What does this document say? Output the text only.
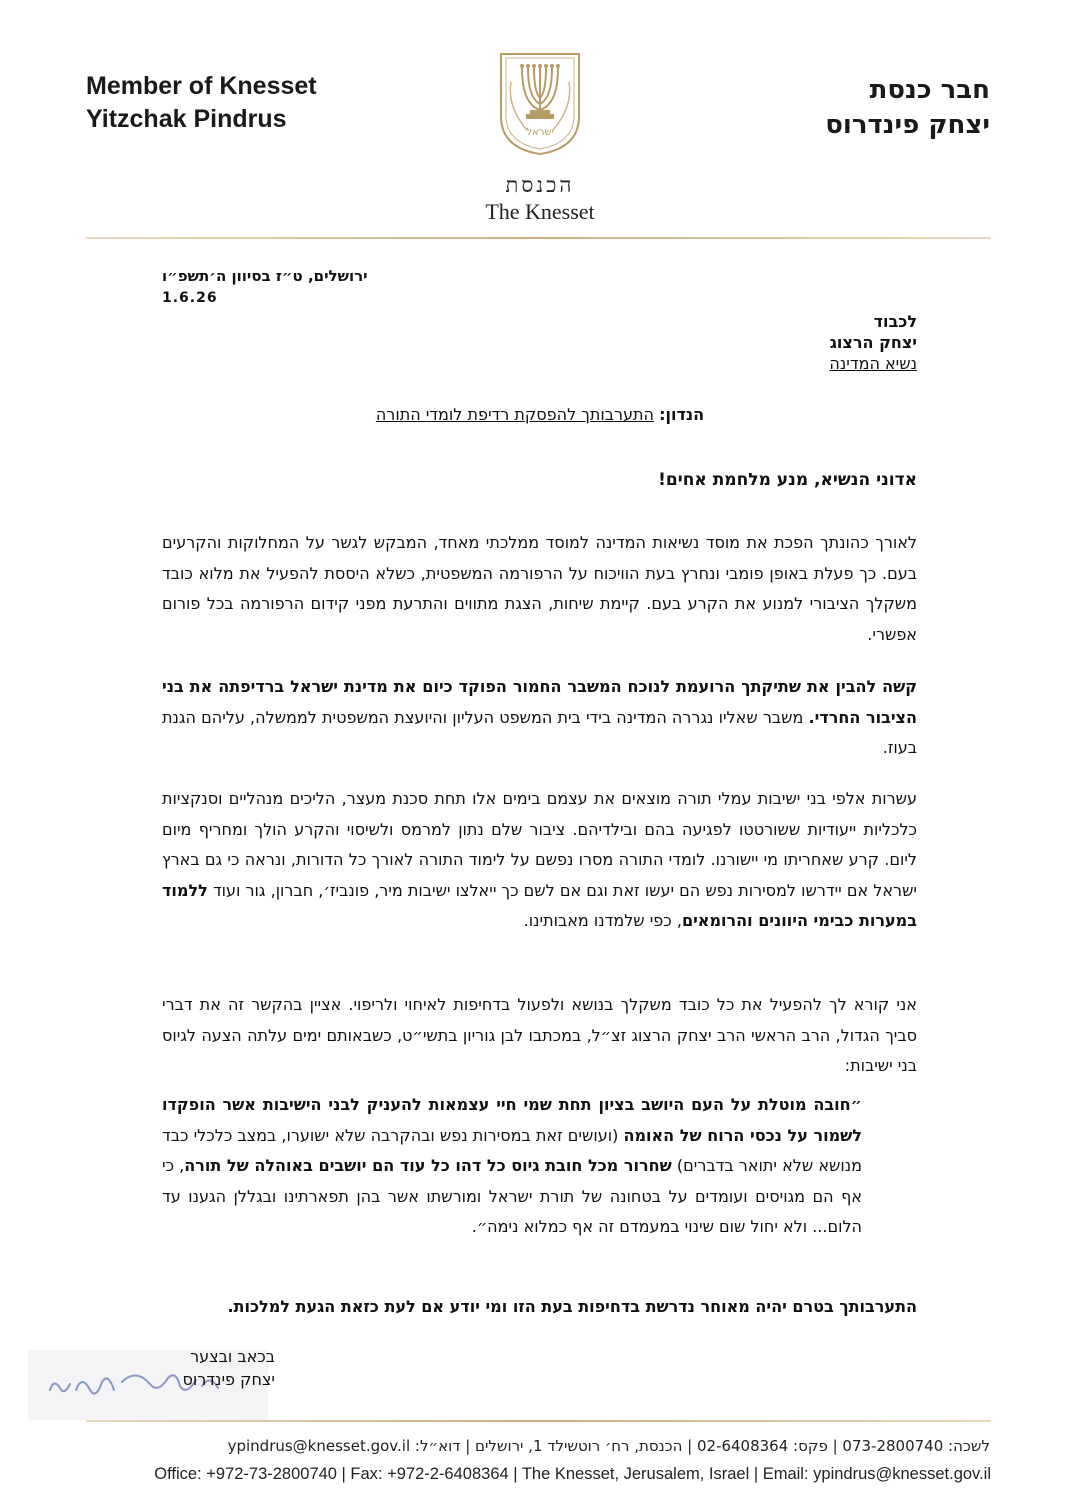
Member of Knesset
Yitzchak Pindrus	ישראל
חבר כנסת
יצחק פינדרוס
הכנסת
The Knesset
ירושלים, ט״ז בסיוון ה׳תשפ״ו
1.6.26
לכבוד
יצחק הרצוג
נשיא המדינה
הנדון: התערבותך להפסקת רדיפת לומדי התורה
אדוני הנשיא, מנע מלחמת אחים!
לאורך כהונתך הפכת את מוסד נשיאות המדינה למוסד ממלכתי מאחד, המבקש לגשר על המחלוקות והקרעים בעם. כך פעלת באופן פומבי ונחרץ בעת הוויכוח על הרפורמה המשפטית, כשלא היססת להפעיל את מלוא כובד משקלך הציבורי למנוע את הקרע בעם. קיימת שיחות, הצגת מתווים והתרעת מפני קידום הרפורמה בכל פורום אפשרי.
קשה להבין את שתיקתך הרועמת לנוכח המשבר החמור הפוקד כיום את מדינת ישראל ברדיפתה את בני הציבור החרדי. משבר שאליו נגררה המדינה בידי בית המשפט העליון והיועצת המשפטית לממשלה, עליהם הגנת בעוז.
עשרות אלפי בני ישיבות עמלי תורה מוצאים את עצמם בימים אלו תחת סכנת מעצר, הליכים מנהליים וסנקציות כלכליות ייעודיות ששורטטו לפגיעה בהם ובילדיהם. ציבור שלם נתון למרמס ולשיסוי והקרע הולך ומחריף מיום ליום. קרע שאחריתו מי יישורנו. לומדי התורה מסרו נפשם על לימוד התורה לאורך כל הדורות, ונראה כי גם בארץ ישראל אם יידרשו למסירות נפש הם יעשו זאת וגם אם לשם כך ייאלצו ישיבות מיר, פונביז׳, חברון, גור ועוד ללמוד במערות כבימי היוונים והרומאים, כפי שלמדנו מאבותינו.
אני קורא לך להפעיל את כל כובד משקלך בנושא ולפעול בדחיפות לאיחוי ולריפוי. אציין בהקשר זה את דברי סביך הגדול, הרב הראשי הרב יצחק הרצוג זצ״ל, במכתבו לבן גוריון בתשי״ט, כשבאותם ימים עלתה הצעה לגיוס בני ישיבות:
״חובה מוטלת על העם היושב בציון תחת שמי חיי עצמאות להעניק לבני הישיבות אשר הופקדו לשמור על נכסי הרוח של האומה (ועושים זאת במסירות נפש ובהקרבה שלא ישוערו, במצב כלכלי כבד מנושא שלא יתואר בדברים) שחרור מכל חובת גיוס כל דהו כל עוד הם יושבים באוהלה של תורה, כי אף הם מגויסים ועומדים על בטחונה של תורת ישראל ומורשתו אשר בהן תפארתינו ובגללן הגענו עד הלום... ולא יחול שום שינוי במעמדם זה אף כמלוא נימה״.
התערבותך בטרם יהיה מאוחר נדרשת בדחיפות בעת הזו ומי יודע אם לעת כזאת הגעת למלכות.
בכאב ובצער
יצחק פינדרוס
לשכה: 073-2800740 | פקס: 02-6408364 | הכנסת, רח׳ רוטשילד 1, ירושלים | דוא״ל: ypindrus@knesset.gov.il
Office: +972-73-2800740 | Fax: +972-2-6408364 | The Knesset, Jerusalem, Israel | Email: ypindrus@knesset.gov.il
